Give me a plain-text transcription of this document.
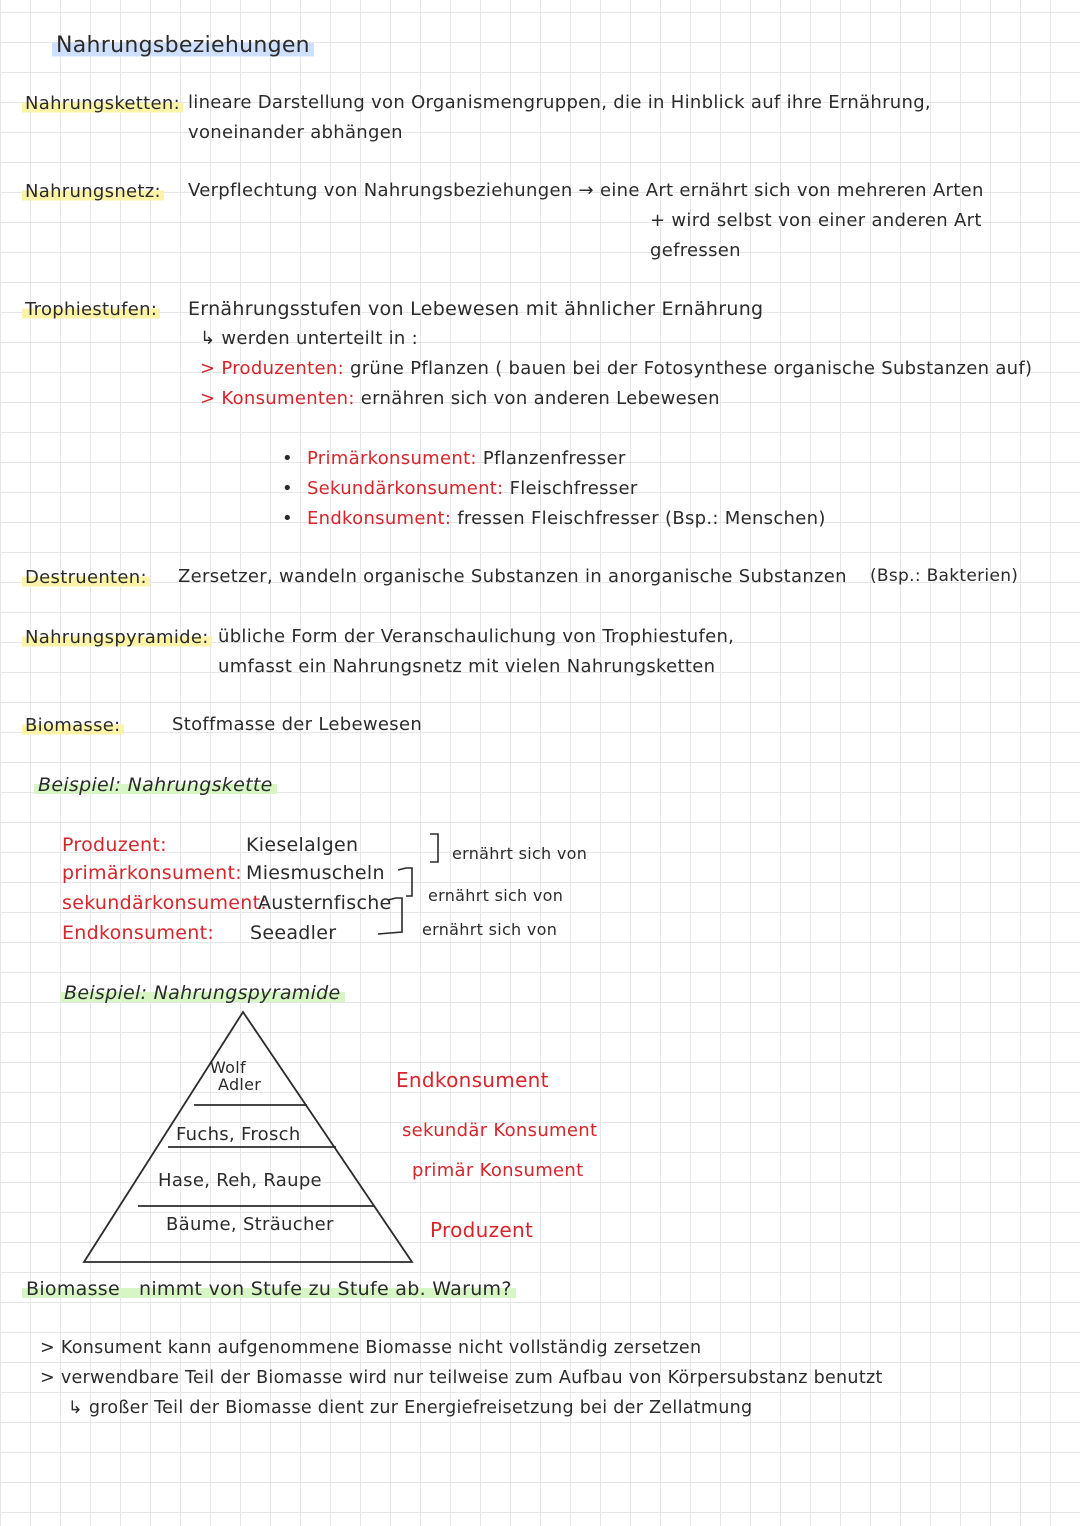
Nahrungsbeziehungen
Nahrungsketten: lineare Darstellung von Organismengruppen, die in Hinblick auf ihre Ernährung,
voneinander abhängen
Nahrungsnetz: Verpflechtung von Nahrungsbeziehungen → eine Art ernährt sich von mehreren Arten
+ wird selbst von einer anderen Art
gefressen
Trophiestufen: Ernährungsstufen von Lebewesen mit ähnlicher Ernährung
↳ werden unterteilt in :
> Produzenten: grüne Pflanzen ( bauen bei der Fotosynthese organische Substanzen auf)
> Konsumenten: ernähren sich von anderen Lebewesen
• Primärkonsument: Pflanzenfresser
• Sekundärkonsument: Fleischfresser
• Endkonsument: fressen Fleischfresser (Bsp.: Menschen)
Destruenten: Zersetzer, wandeln organische Substanzen in anorganische Substanzen (Bsp.: Bakterien)
Nahrungspyramide: übliche Form der Veranschaulichung von Trophiestufen,
umfasst ein Nahrungsnetz mit vielen Nahrungsketten
Biomasse:	Stoffmasse der Lebewesen
Beispiel: Nahrungskette
Produzent:
primärkonsument:
sekundärkonsument:
Endkonsument:
Kieselalgen
Miesmuscheln
Austernfische
Seeadler
ernährt sich von
ernährt sich von
ernährt sich von
Beispiel: Nahrungspyramide
Wolf
Adler
Fuchs, Frosch
Hase, Reh, Raupe
Bäume, Sträucher
Endkonsument
sekundär Konsument
primär Konsument
Produzent
Biomasse nimmt von Stufe zu Stufe ab. Warum?
> Konsument kann aufgenommene Biomasse nicht vollständig zersetzen
> verwendbare Teil der Biomasse wird nur teilweise zum Aufbau von Körpersubstanz benutzt
↳ großer Teil der Biomasse dient zur Energiefreisetzung bei der Zellatmung
